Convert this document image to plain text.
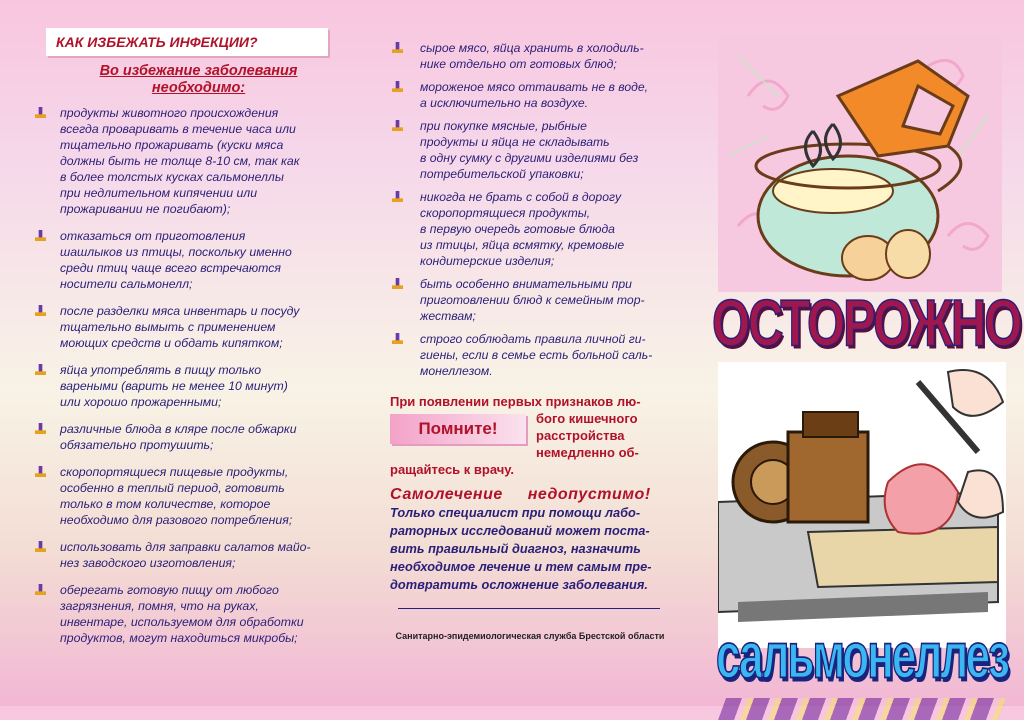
КАК ИЗБЕЖАТЬ ИНФЕКЦИИ?
Во избежание заболевания
необходимо:
продукты животного происхождения
всегда проваривать в течение часа или
тщательно прожаривать (куски мяса
должны быть не толще 8-10 см, так как
в более толстых кусках сальмонеллы
при недлительном кипячении или
прожаривании не погибают);
отказаться от приготовления
шашлыков из птицы, поскольку именно
среди птиц чаще всего встречаются
носители сальмонелл;
после разделки мяса инвентарь и посуду
тщательно вымыть с применением
моющих средств и обдать кипятком;
яйца употреблять в пищу только
вареными (варить не менее 10 минут)
или хорошо прожаренными;
различные блюда в кляре после обжарки
обязательно протушить;
скоропортящиеся пищевые продукты,
особенно в теплый период, готовить
только в том количестве, которое
необходимо для разового потребления;
использовать для заправки салатов майо-
нез заводского изготовления;
оберегать готовую пищу от любого
загрязнения, помня, что на руках,
инвентаре, используемом для обработки
продуктов, могут находиться микробы;
сырое мясо, яйца хранить в холодиль-
нике отдельно от готовых блюд;
мороженое мясо оттаивать не в воде,
а исключительно на воздухе.
при покупке мясные, рыбные
продукты и яйца не складывать
в одну сумку с другими изделиями без
потребительской упаковки;
никогда не брать с собой в дорогу
скоропортящиеся продукты,
в первую очередь готовые блюда
из птицы, яйца всмятку, кремовые
кондитерские изделия;
быть особенно внимательными при
приготовлении блюд к семейным тор-
жествам;
строго соблюдать правила личной ги-
гиены, если в семье есть больной саль-
монеллезом.
При появлении первых признаков лю-
Помните!
бого кишечного
расстройства
немедленно об-
ращайтесь к врачу.
Самолечение недопустимо!
Только специалист при помощи лабо-
раторных исследований может поста-
вить правильный диагноз, назначить
необходимое лечение и тем самым пре-
дотвратить осложнение заболевания.
Санитарно-эпидемиологическая служба Брестской области
ОСТОРОЖНО
сальмонеллез
